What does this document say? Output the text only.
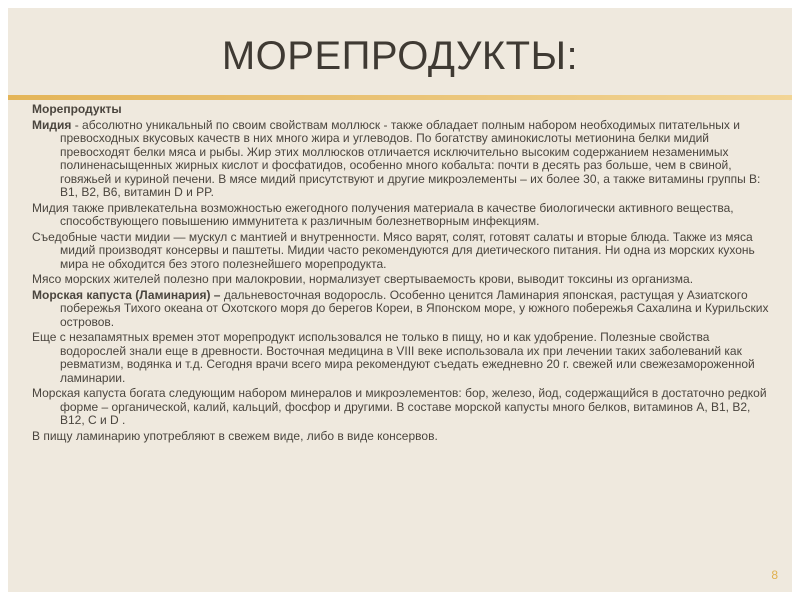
МОРЕПРОДУКТЫ:

Морепродукты

Мидия - абсолютно уникальный по своим свойствам моллюск - также обладает полным набором необходимых питательных и превосходных вкусовых качеств в них много жира и углеводов. По богатству аминокислоты метионина белки мидий превосходят белки мяса и рыбы. Жир этих моллюсков отличается исключительно высоким содержанием незаменимых полиненасыщенных жирных кислот и фосфатидов, особенно много кобальта: почти в десять раз больше, чем в свиной, говяжьей и куриной печени. В мясе мидий присутствуют и другие микроэлементы – их более 30, а также витамины группы В: В1, В2, В6, витамин D и PP.

Мидия также привлекательна возможностью ежегодного получения материала в качестве биологически активного вещества, способствующего повышению иммунитета к различным болезнетворным инфекциям.

Съедобные части мидии — мускул с мантией и внутренности. Мясо варят, солят, готовят салаты и вторые блюда. Также из мяса мидий производят консервы и паштеты. Мидии часто рекомендуются для диетического питания. Ни одна из морских кухонь мира не обходится без этого полезнейшего морепродукта.

Мясо морских жителей полезно при малокровии, нормализует свертываемость крови, выводит токсины из организма.

Морская капуста (Ламинария) – дальневосточная водоросль. Особенно ценится Ламинария японская, растущая у Азиатского побережья Тихого океана от Охотского моря до берегов Кореи, в Японском море, у южного побережья Сахалина и Курильских островов.

Еще с незапамятных времен этот морепродукт использовался не только в пищу, но и как удобрение. Полезные свойства водорослей знали еще в древности. Восточная медицина в VIII веке использовала их при лечении таких заболеваний как ревматизм, водянка и т.д. Сегодня врачи всего мира рекомендуют съедать ежедневно 20 г. свежей или свежезамороженной ламинарии.

Морская капуста богата следующим набором минералов и микроэлементов: бор, железо, йод, содержащийся в достаточно редкой форме – органической, калий, кальций, фосфор и другими. В составе морской капусты много белков, витаминов А, В1, В2, В12, С и D .

В пищу ламинарию употребляют в свежем виде, либо в виде консервов.

8
